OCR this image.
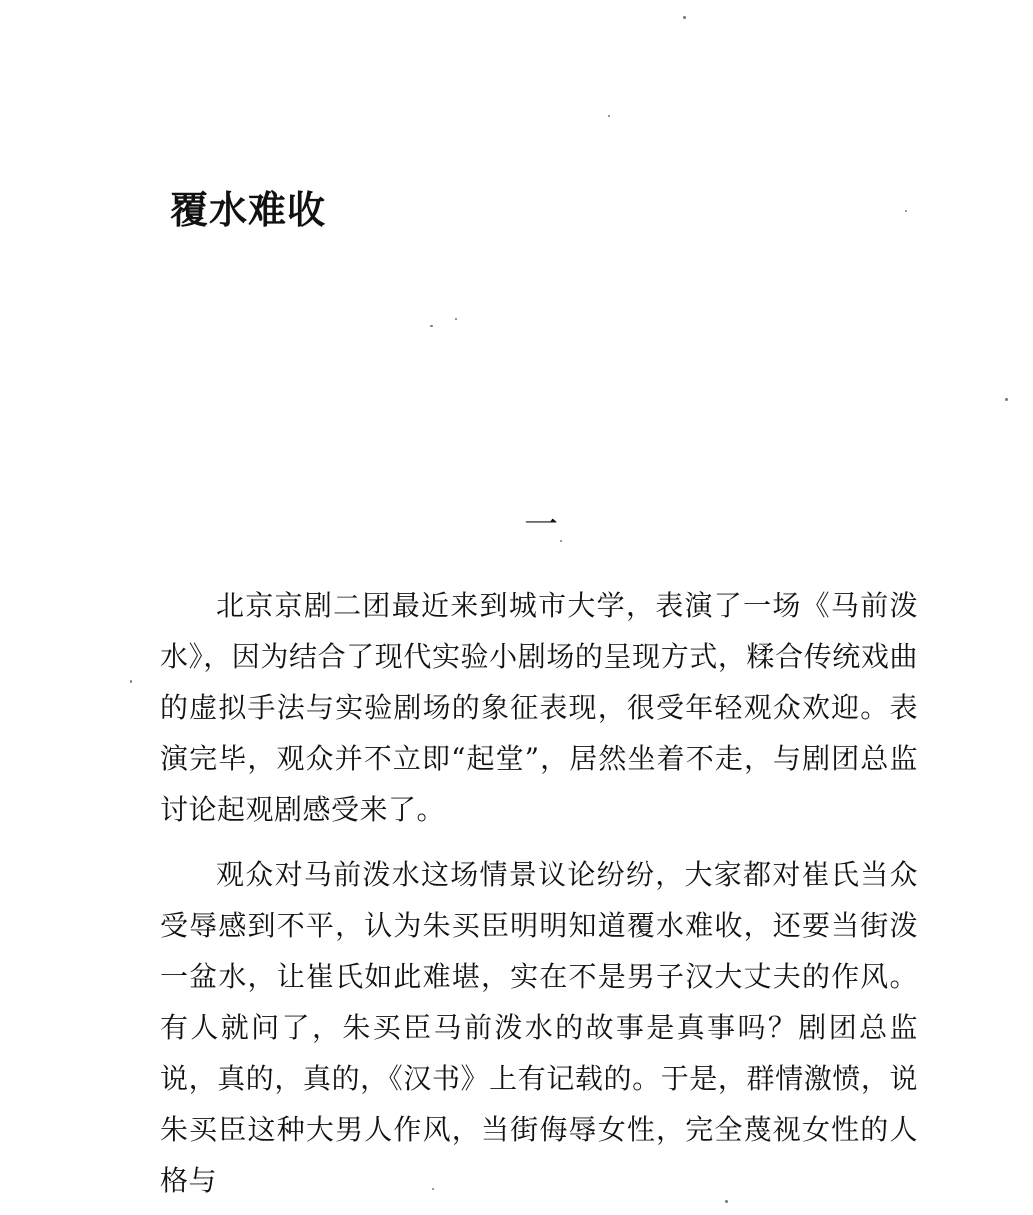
覆水难收
一

北京京剧二团最近来到城市大学，表演了一场《马前泼水》，因为结合了现代实验小剧场的呈现方式，糅合传统戏曲的虚拟手法与实验剧场的象征表现，很受年轻观众欢迎。表演完毕，观众并不立即“起堂”，居然坐着不走，与剧团总监讨论起观剧感受来了。

观众对马前泼水这场情景议论纷纷，大家都对崔氏当众受辱感到不平，认为朱买臣明明知道覆水难收，还要当街泼一盆水，让崔氏如此难堪，实在不是男子汉大丈夫的作风。有人就问了，朱买臣马前泼水的故事是真事吗？剧团总监说，真的，真的，《汉书》上有记载的。于是，群情激愤，说朱买臣这种大男人作风，当街侮辱女性，完全蔑视女性的人格与
